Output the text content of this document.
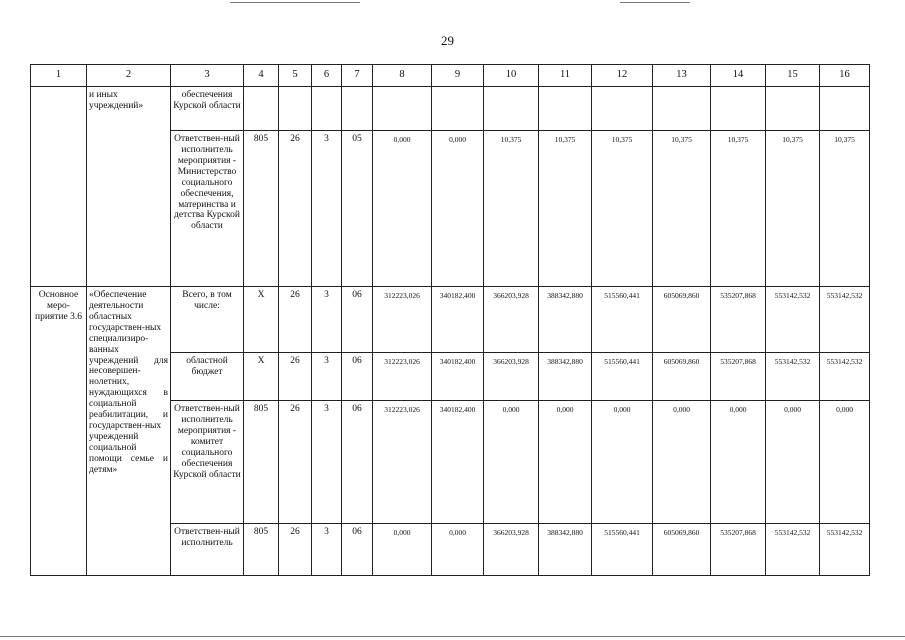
29
1	2	3	4	5	6	7	8	9	10	11	12	13	14	15	16
	и иных учреждений»	обеспечения Курской области													
		Ответствен-ный исполнитель мероприятия - Министерство социального обеспечения, материнства и детства Курской области	805	26	3	05	0,000	0,000	10,375	10,375	10,375	10,375	10,375	10,375	10,375
Основное меро-приятие 3.6	«Обеспечение деятельности областных государствен-ных специализиро-ванных учреждений для несовершен-нолетних, нуждающихся в социальной реабилитации, и государствен-ных учреждений социальной помощи семье и детям»	Всего, в том числе:	Х	26	3	06	312223,026	340182,400	366203,928	388342,880	515560,441	605069,860	535207,868	553142,532	553142,532
		областной бюджет	Х	26	3	06	312223,026	340182,400	366203,928	388342,880	515560,441	605069,860	535207,868	553142,532	553142,532
		Ответствен-ный исполнитель мероприятия - комитет социального обеспечения Курской области	805	26	3	06	312223,026	340182,400	0,000	0,000	0,000	0,000	0,000	0,000	0,000
		Ответствен-ный исполнитель	805	26	3	06	0,000	0,000	366203,928	388342,880	515560,441	605069,860	535207,868	553142,532	553142,532
